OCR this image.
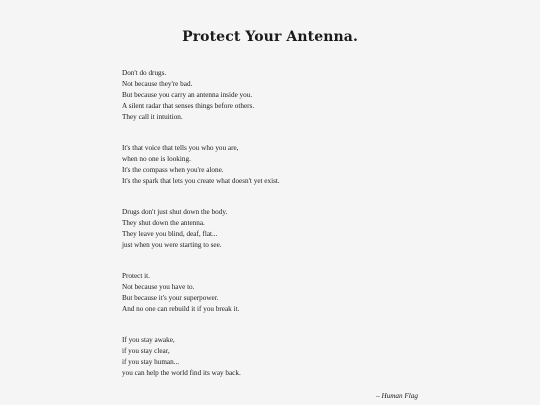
Protect Your Antenna.
Don't do drugs.
Not because they're bad.
But because you carry an antenna inside you.
A silent radar that senses things before others.
They call it intuition.
It's that voice that tells you who you are,
when no one is looking.
It's the compass when you're alone.
It's the spark that lets you create what doesn't yet exist.
Drugs don't just shut down the body.
They shut down the antenna.
They leave you blind, deaf, flat...
just when you were starting to see.
Protect it.
Not because you have to.
But because it's your superpower.
And no one can rebuild it if you break it.
If you stay awake,
if you stay clear,
if you stay human...
you can help the world find its way back.
– Human Flag
